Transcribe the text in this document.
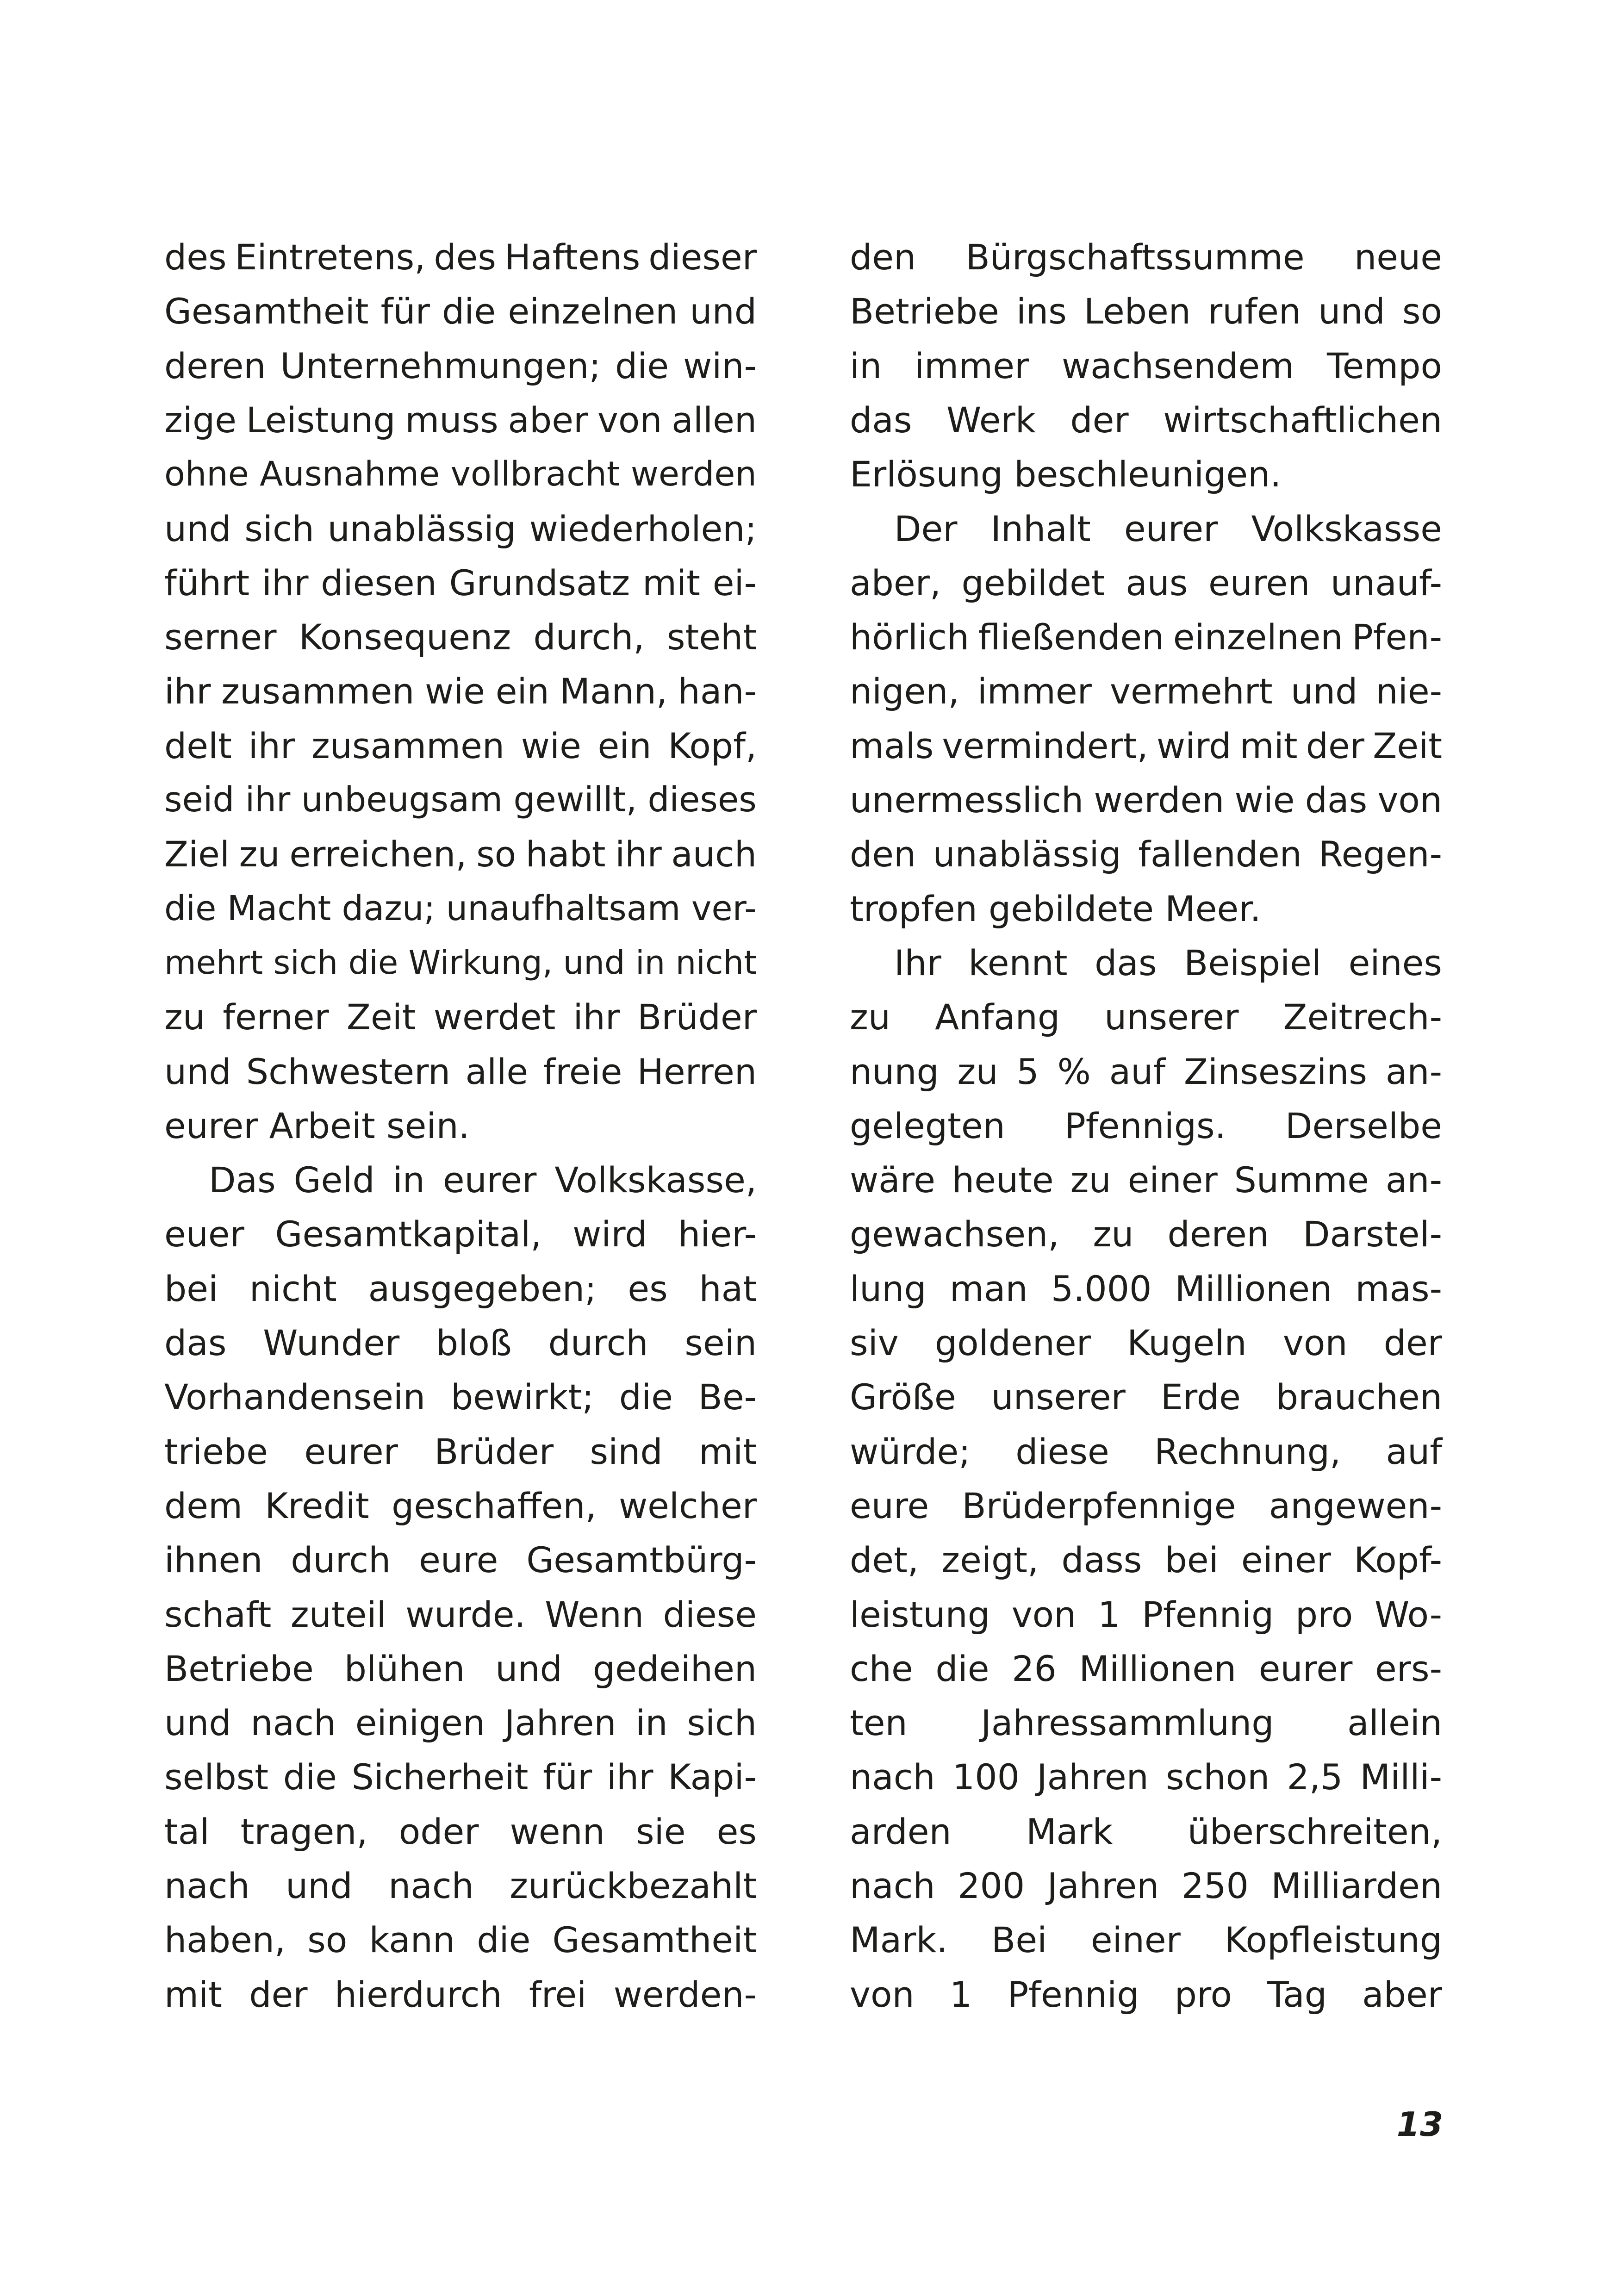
des Eintretens, des Haftens dieser
Gesamtheit für die einzelnen und
deren Unternehmungen; die win-
zige Leistung muss aber von allen
ohne Ausnahme vollbracht werden
und sich unablässig wiederholen;
führt ihr diesen Grundsatz mit ei-
serner Konsequenz durch, steht
ihr zusammen wie ein Mann, han-
delt ihr zusammen wie ein Kopf,
seid ihr unbeugsam gewillt, dieses
Ziel zu erreichen, so habt ihr auch
die Macht dazu; unaufhaltsam ver-
mehrt sich die Wirkung, und in nicht
zu ferner Zeit werdet ihr Brüder
und Schwestern alle freie Herren
eurer Arbeit sein.
Das Geld in eurer Volkskasse,
euer Gesamtkapital, wird hier-
bei nicht ausgegeben; es hat
das Wunder bloß durch sein
Vorhandensein bewirkt; die Be-
triebe eurer Brüder sind mit
dem Kredit geschaffen, welcher
ihnen durch eure Gesamtbürg-
schaft zuteil wurde. Wenn diese
Betriebe blühen und gedeihen
und nach einigen Jahren in sich
selbst die Sicherheit für ihr Kapi-
tal tragen, oder wenn sie es
nach und nach zurückbezahlt
haben, so kann die Gesamtheit
mit der hierdurch frei werden-
den Bürgschaftssumme neue
Betriebe ins Leben rufen und so
in immer wachsendem Tempo
das Werk der wirtschaftlichen
Erlösung beschleunigen.
Der Inhalt eurer Volkskasse
aber, gebildet aus euren unauf-
hörlich fließenden einzelnen Pfen-
nigen, immer vermehrt und nie-
mals vermindert, wird mit der Zeit
unermesslich werden wie das von
den unablässig fallenden Regen-
tropfen gebildete Meer.
Ihr kennt das Beispiel eines
zu Anfang unserer Zeitrech-
nung zu 5 % auf Zinseszins an-
gelegten Pfennigs. Derselbe
wäre heute zu einer Summe an-
gewachsen, zu deren Darstel-
lung man 5.000 Millionen mas-
siv goldener Kugeln von der
Größe unserer Erde brauchen
würde; diese Rechnung, auf
eure Brüderpfennige angewen-
det, zeigt, dass bei einer Kopf-
leistung von 1 Pfennig pro Wo-
che die 26 Millionen eurer ers-
ten Jahressammlung allein
nach 100 Jahren schon 2,5 Milli-
arden Mark überschreiten,
nach 200 Jahren 250 Milliarden
Mark. Bei einer Kopfleistung
von 1 Pfennig pro Tag aber
13
